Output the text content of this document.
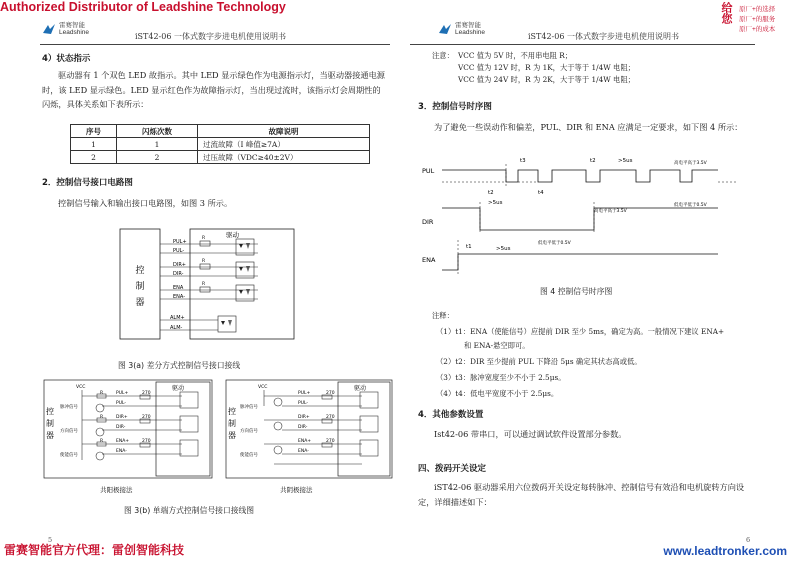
Authorized Distributor of Leadshine Technology	给您 原厂+的选择
原厂+的服务
原厂+的成本
雷赛智能
Leadshine	iST42-06 一体式数字步进电机使用说明书
雷赛智能
Leadshine	iST42-06 一体式数字步进电机使用说明书
4）状态指示
驱动器有 1 个双色 LED 故指示。其中 LED 显示绿色作为电源指示灯，当驱动器接通电源时，该 LED 显示绿色。LED 显示红色作为故障指示灯，当出现过流时，该指示灯会周期性的闪烁，具体关系如下表所示：
序号	闪烁次数	故障说明
1	1	过流故障（I 峰值≥7A）
2	2	过压故障（VDC≥40±2V）
2．控制信号接口电路图
控制信号输入和输出接口电路图，如图 3 所示。
控
制
器
驱动
PUL+
PUL-
DIR+
DIR-
ENA
ENA-
ALM+
ALM-
R
R
R
图 3(a) 差分方式控制信号接口接线
驱动
控
制
器
VCC
PUL+
PUL-
DIR+
DIR-
ENA+
ENA-
R
R
R
270
270
270
脉冲信号
方向信号
使能信号
驱动
控
制
器
VCC
PUL+
PUL-
DIR+
DIR-
ENA+
ENA-
270
270
270
脉冲信号
方向信号
使能信号
共阳极接法	共阴极接法
图 3(b) 单端方式控制信号接口接线图
5
注意： VCC 值为 5V 时，不用串电阻 R；
VCC 值为 12V 时，R 为 1K，大于等于 1/4W 电阻；
VCC 值为 24V 时，R 为 2K，大于等于 1/4W 电阻；
3．控制信号时序图
为了避免一些误动作和偏差，PUL、DIR 和 ENA 应满足一定要求，如下图 4 所示：
PUL
DIR
ENA
t2
>5us
t3
t4
t2	>5us
t1	>5us
高电平高于3.5V
低电平低于0.5V
高电平高于3.5V
低电平低于0.5V
图 4 控制信号时序图
注释：
（1）t1：ENA（使能信号）应提前 DIR 至少 5ms，确定为高。一般情况下建议 ENA+
和 ENA-悬空即可。
（2）t2：DIR 至少提前 PUL 下降沿 5μs 确定其状态高或低。
（3）t3：脉冲宽度至少不小于 2.5μs。
（4）t4：低电平宽度不小于 2.5μs。
4．其他参数设置
Ist42-06 带串口，可以通过调试软件设置部分参数。
四、拨码开关设定
iST42-06 驱动器采用六位拨码开关设定每转脉冲、控制信号有效沿和电机旋转方向设定，详细描述如下：
6
雷赛智能官方代理：雷创智能科技	www.leadtronker.com
